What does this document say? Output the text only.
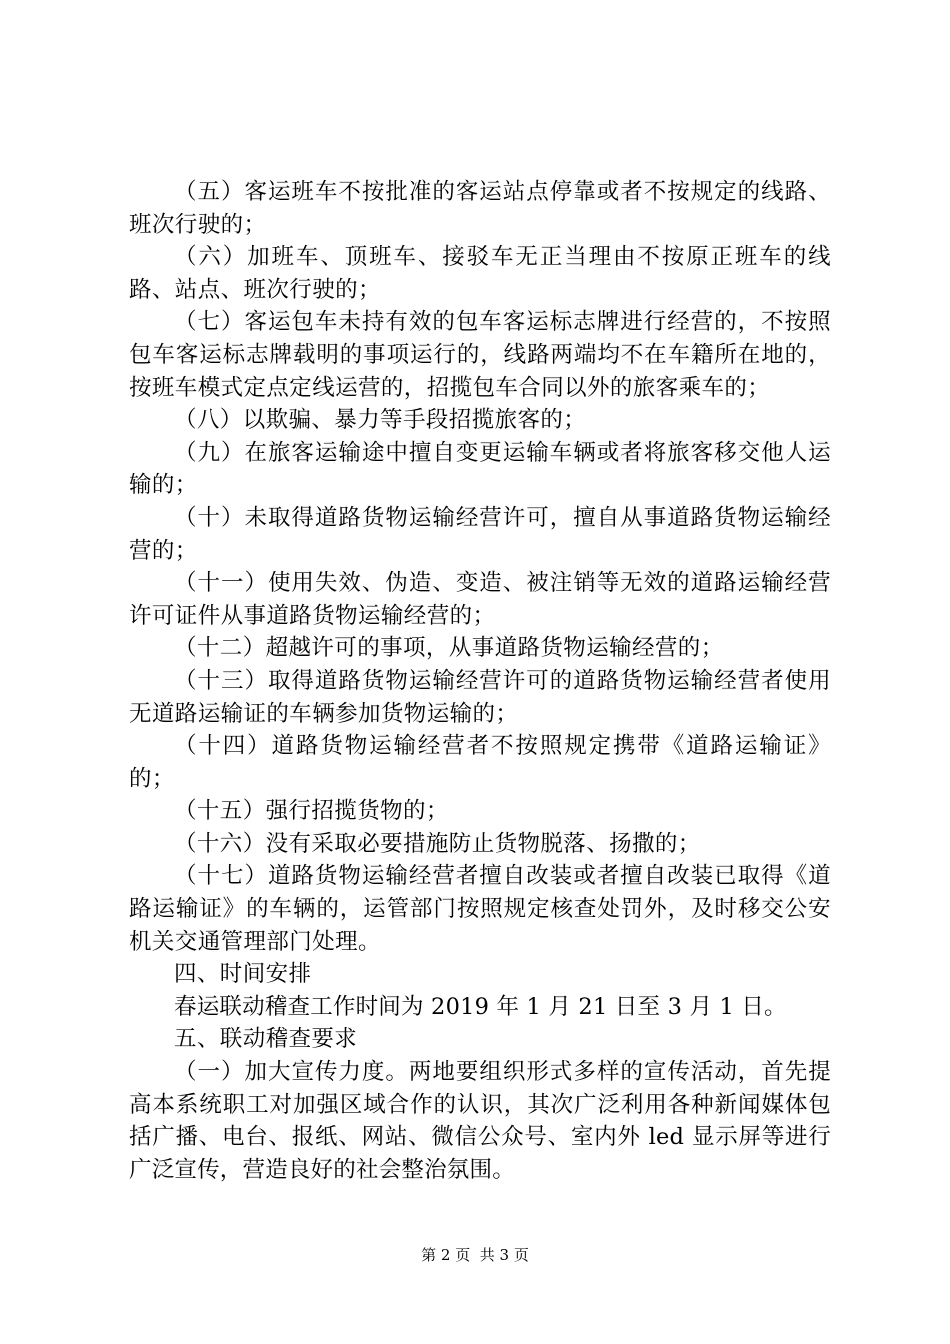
（五）客运班车不按批准的客运站点停靠或者不按规定的线路、班次行驶的；

（六）加班车、顶班车、接驳车无正当理由不按原正班车的线路、站点、班次行驶的；

（七）客运包车未持有效的包车客运标志牌进行经营的，不按照包车客运标志牌载明的事项运行的，线路两端均不在车籍所在地的，按班车模式定点定线运营的，招揽包车合同以外的旅客乘车的；

（八）以欺骗、暴力等手段招揽旅客的；

（九）在旅客运输途中擅自变更运输车辆或者将旅客移交他人运输的；

（十）未取得道路货物运输经营许可，擅自从事道路货物运输经营的；

（十一）使用失效、伪造、变造、被注销等无效的道路运输经营许可证件从事道路货物运输经营的；

（十二）超越许可的事项，从事道路货物运输经营的；

（十三）取得道路货物运输经营许可的道路货物运输经营者使用无道路运输证的车辆参加货物运输的；

（十四）道路货物运输经营者不按照规定携带《道路运输证》的；

（十五）强行招揽货物的；

（十六）没有采取必要措施防止货物脱落、扬撒的；

（十七）道路货物运输经营者擅自改装或者擅自改装已取得《道路运输证》的车辆的，运管部门按照规定核查处罚外，及时移交公安机关交通管理部门处理。

四、时间安排

春运联动稽查工作时间为 2019 年 1 月 21 日至 3 月 1 日。

五、联动稽查要求

（一）加大宣传力度。两地要组织形式多样的宣传活动，首先提高本系统职工对加强区域合作的认识，其次广泛利用各种新闻媒体包括广播、电台、报纸、网站、微信公众号、室内外 led 显示屏等进行广泛宣传，营造良好的社会整治氛围。

第 2 页 共 3 页
